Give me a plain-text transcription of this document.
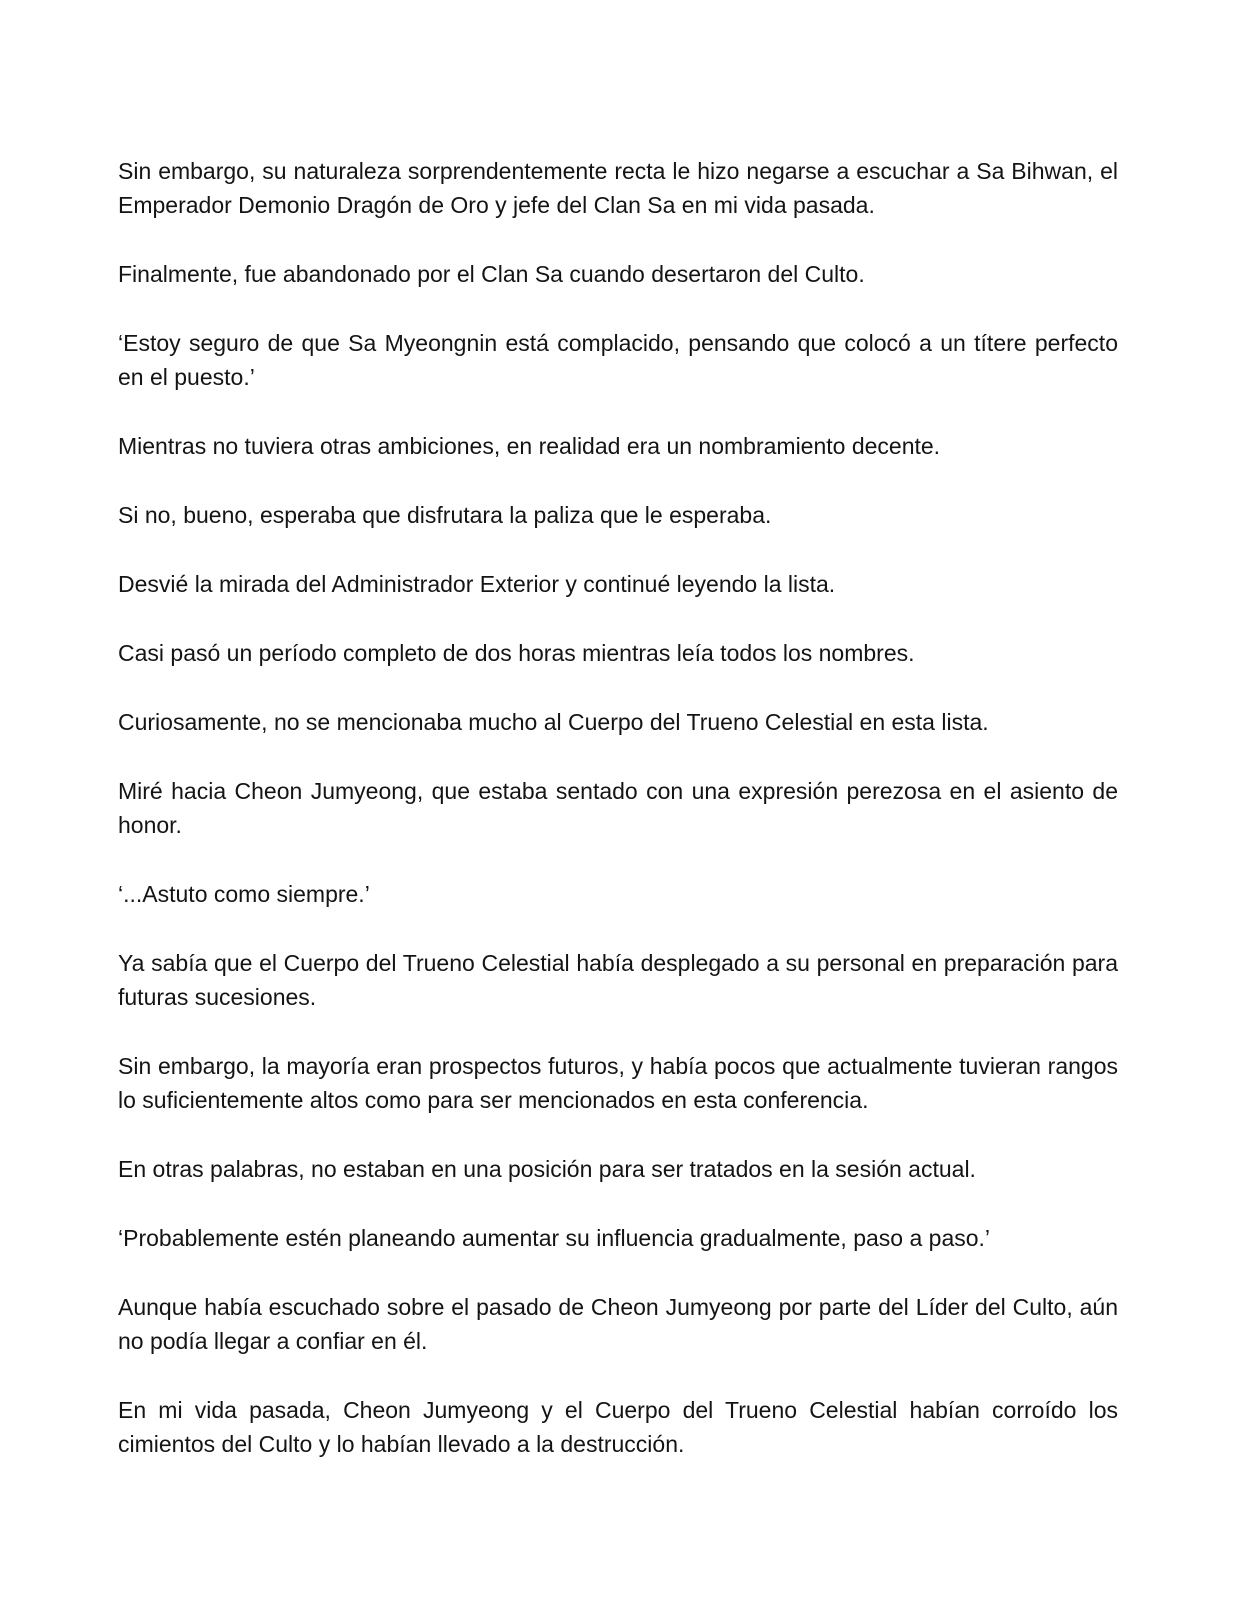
Sin embargo, su naturaleza sorprendentemente recta le hizo negarse a escuchar a Sa Bihwan, el Emperador Demonio Dragón de Oro y jefe del Clan Sa en mi vida pasada.

Finalmente, fue abandonado por el Clan Sa cuando desertaron del Culto.

‘Estoy seguro de que Sa Myeongnin está complacido, pensando que colocó a un títere perfecto en el puesto.’

Mientras no tuviera otras ambiciones, en realidad era un nombramiento decente.

Si no, bueno, esperaba que disfrutara la paliza que le esperaba.

Desvié la mirada del Administrador Exterior y continué leyendo la lista.

Casi pasó un período completo de dos horas mientras leía todos los nombres.

Curiosamente, no se mencionaba mucho al Cuerpo del Trueno Celestial en esta lista.

Miré hacia Cheon Jumyeong, que estaba sentado con una expresión perezosa en el asiento de honor.

‘...Astuto como siempre.’

Ya sabía que el Cuerpo del Trueno Celestial había desplegado a su personal en preparación para futuras sucesiones.

Sin embargo, la mayoría eran prospectos futuros, y había pocos que actualmente tuvieran rangos lo suficientemente altos como para ser mencionados en esta conferencia.

En otras palabras, no estaban en una posición para ser tratados en la sesión actual.

‘Probablemente estén planeando aumentar su influencia gradualmente, paso a paso.’

Aunque había escuchado sobre el pasado de Cheon Jumyeong por parte del Líder del Culto, aún no podía llegar a confiar en él.

En mi vida pasada, Cheon Jumyeong y el Cuerpo del Trueno Celestial habían corroído los cimientos del Culto y lo habían llevado a la destrucción.
